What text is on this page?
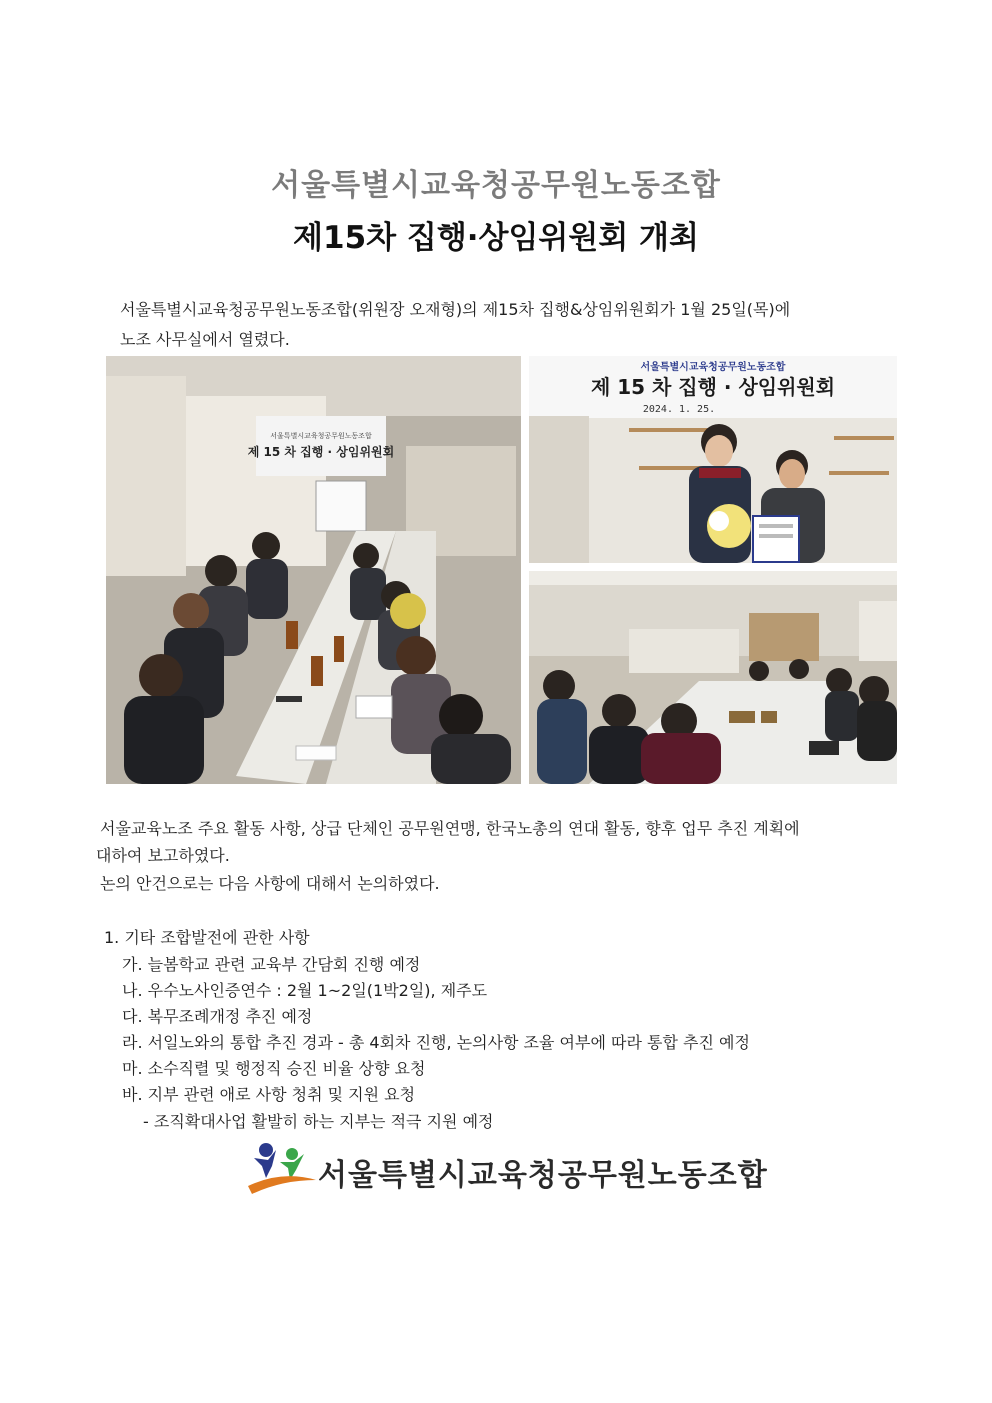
서울특별시교육청공무원노동조합
제15차 집행·상임위원회 개최
서울특별시교육청공무원노동조합(위원장 오재형)의 제15차 집행&상임위원회가 1월 25일(목)에
노조 사무실에서 열렸다.
서울특별시교육청공무원노동조합
제 15 차 집행 · 상임위원회
서울특별시교육청공무원노동조합
제 15 차 집행 · 상임위원회
2024. 1. 25.
서울교육노조 주요 활동 사항, 상급 단체인 공무원연맹, 한국노총의 연대 활동, 향후 업무 추진 계획에
대하여 보고하였다.
논의 안건으로는 다음 사항에 대해서 논의하였다.
1. 기타 조합발전에 관한 사항
가. 늘봄학교 관련 교육부 간담회 진행 예정
나. 우수노사인증연수 : 2월 1~2일(1박2일), 제주도
다. 복무조례개정 추진 예정
라. 서일노와의 통합 추진 경과 - 총 4회차 진행, 논의사항 조율 여부에 따라 통합 추진 예정
마. 소수직렬 및 행정직 승진 비율 상향 요청
바. 지부 관련 애로 사항 청취 및 지원 요청
- 조직확대사업 활발히 하는 지부는 적극 지원 예정
서울특별시교육청공무원노동조합
